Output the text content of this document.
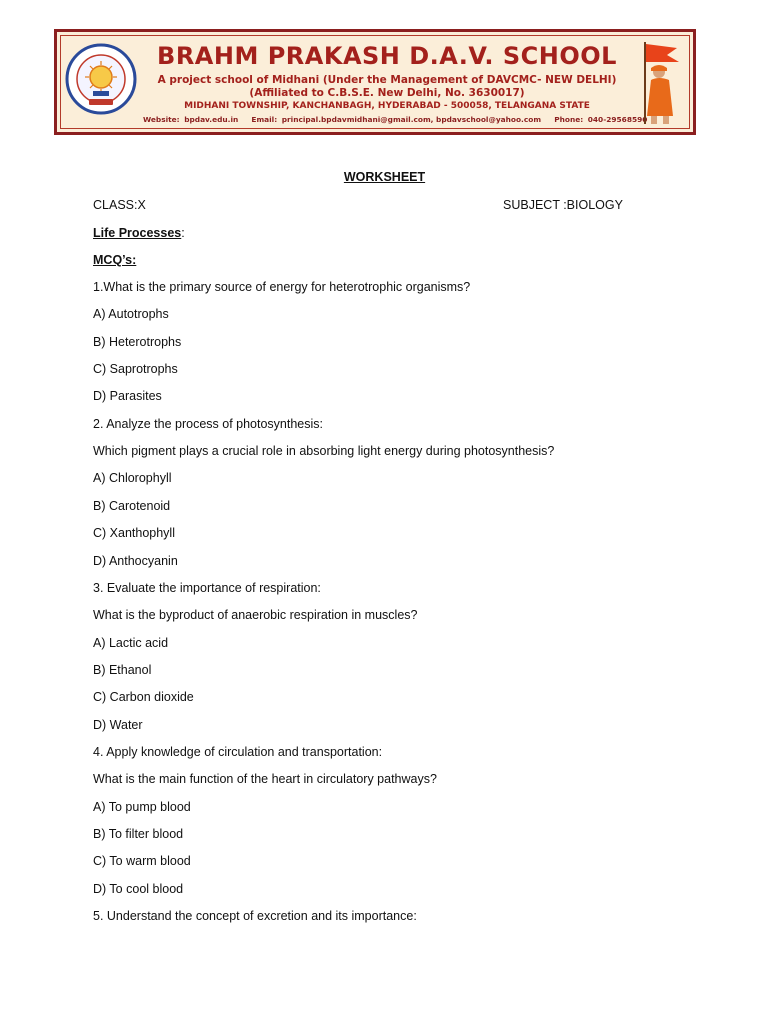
BRAHM PRAKASH D.A.V. SCHOOL
A project school of Midhani (Under the Management of DAVCMC- NEW DELHI)
(Affiliated to C.B.S.E. New Delhi, No. 3630017)
MIDHANI TOWNSHIP, KANCHANBAGH, HYDERABAD - 500058, TELANGANA STATE
Website: bpdav.edu.in Email: principal.bpdavmidhani@gmail.com, bpdavschool@yahoo.com Phone: 040-29568590
WORKSHEET
CLASS:X	SUBJECT :BIOLOGY
Life Processes:
MCQ’s:
1.What is the primary source of energy for heterotrophic organisms?
A) Autotrophs
B) Heterotrophs
C) Saprotrophs
D) Parasites
2. Analyze the process of photosynthesis:
Which pigment plays a crucial role in absorbing light energy during photosynthesis?
A) Chlorophyll
B) Carotenoid
C) Xanthophyll
D) Anthocyanin
3. Evaluate the importance of respiration:
What is the byproduct of anaerobic respiration in muscles?
A) Lactic acid
B) Ethanol
C) Carbon dioxide
D) Water
4. Apply knowledge of circulation and transportation:
What is the main function of the heart in circulatory pathways?
A) To pump blood
B) To filter blood
C) To warm blood
D) To cool blood
5. Understand the concept of excretion and its importance:
